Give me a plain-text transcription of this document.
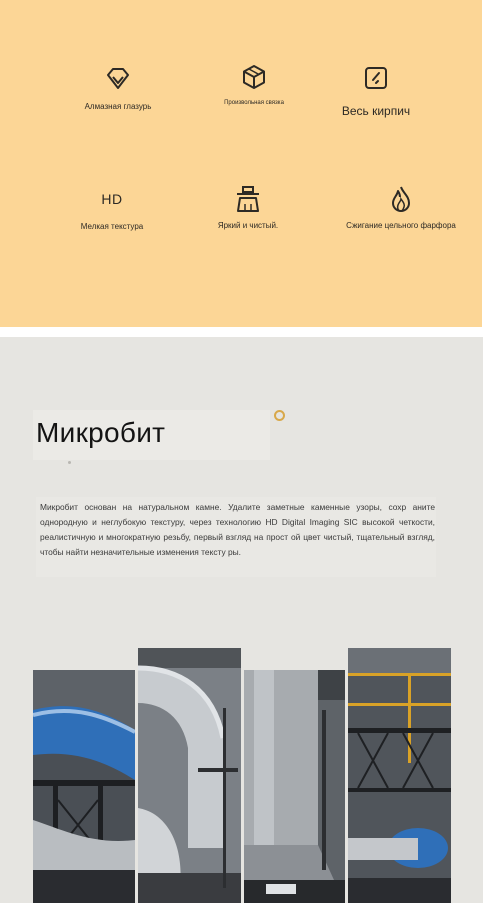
Алмазная глазурь	Произвольная связка
Весь кирпич
HD
Мелкая текстура	Яркий и чистый.	Сжигание цельного фарфора
Микробит

Микробит основан на натуральном камне. Удалите заметные каменные узоры, сохр аните однородную и неглубокую текстуру, через технологию HD Digital Imaging SIC высокой четкости, реалистичную и многократную резьбу, первый взгляд на прост ой цвет чистый, тщательный взгляд, чтобы найти незначительные изменения тексту ры.
